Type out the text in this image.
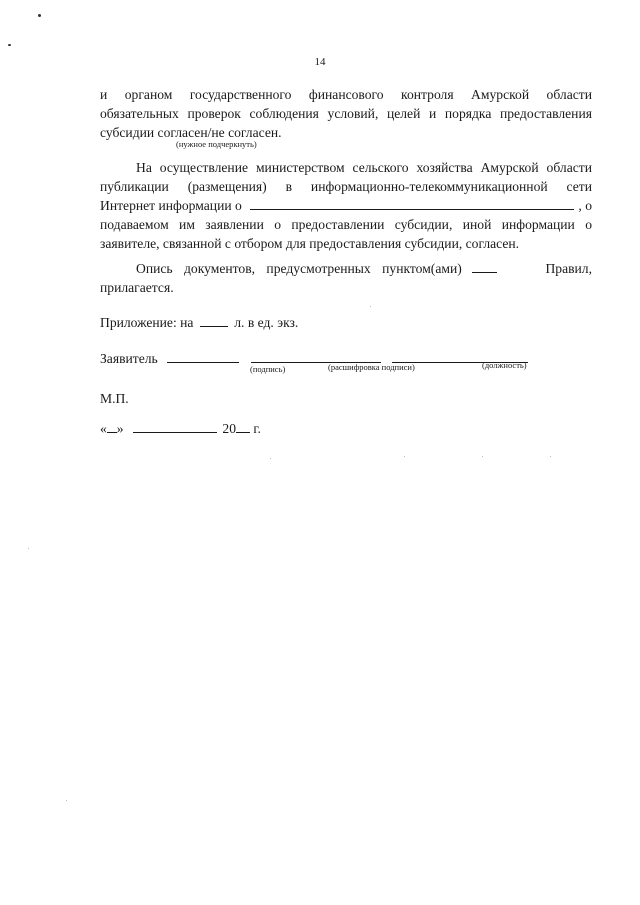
14
и органом государственного финансового контроля Амурской области
обязательных проверок соблюдения условий, целей и порядка предоставления
субсидии согласен/не согласен.
(нужное подчеркнуть)
На осуществление министерством сельского хозяйства Амурской области
публикации (размещения) в информационно-телекоммуникационной сети
Интернет информации о	, о
подаваемом им заявлении о предоставлении субсидии, иной информации о
заявителе, связанной с отбором для предоставления субсидии, согласен.
Опись документов, предусмотренных пунктом(ами)	Правил,
прилагается.
Приложение: на	л. в ед. экз.
Заявитель
(подпись)	(расшифровка подписи)	(должность)
М.П.
« »	20 г.
